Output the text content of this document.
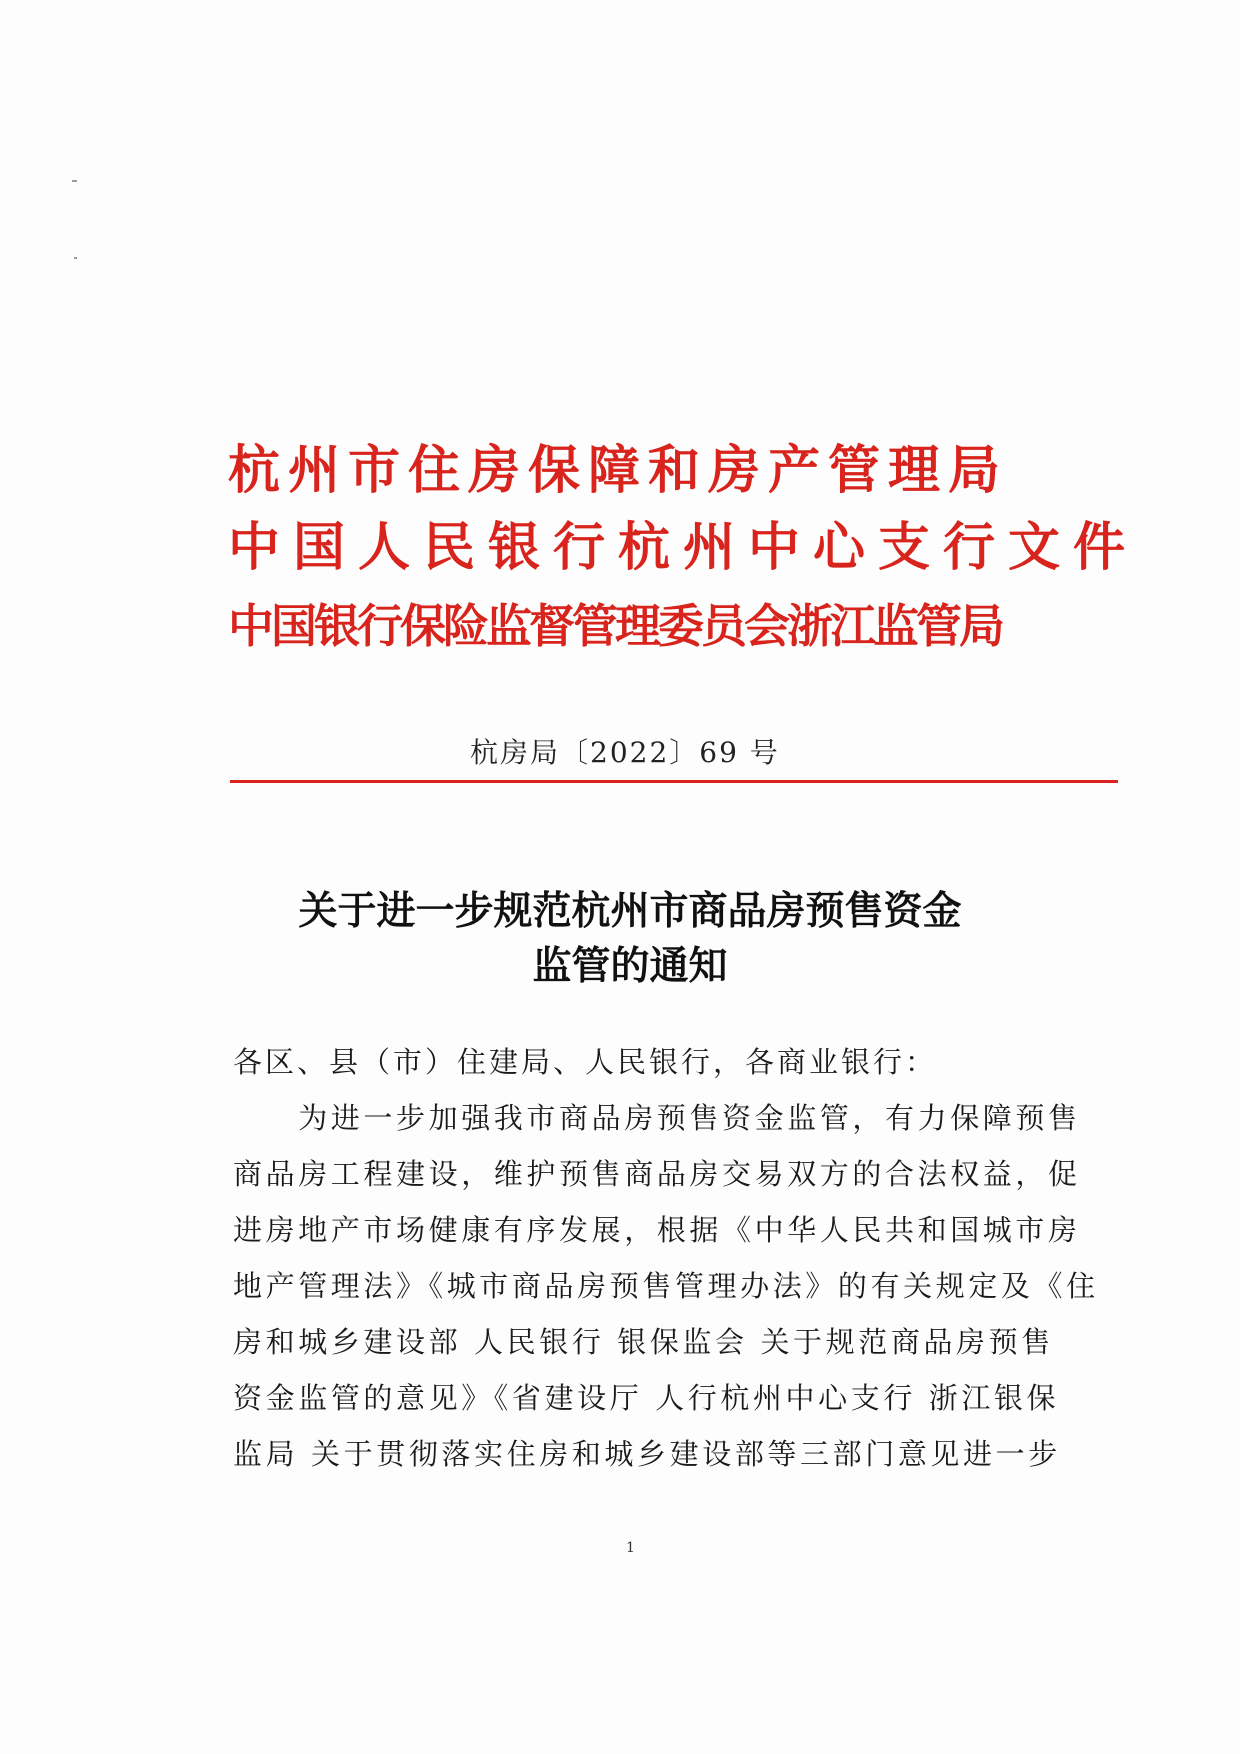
杭州市住房保障和房产管理局
中国人民银行杭州中心支行文件
中国银行保险监督管理委员会浙江监管局
杭房局〔2022〕69 号
关于进一步规范杭州市商品房预售资金
监管的通知
各区、县（市）住建局、人民银行，各商业银行：
　　为进一步加强我市商品房预售资金监管，有力保障预售
商品房工程建设，维护预售商品房交易双方的合法权益，促
进房地产市场健康有序发展，根据《中华人民共和国城市房
地产管理法》《城市商品房预售管理办法》的有关规定及《住
房和城乡建设部 人民银行 银保监会 关于规范商品房预售
资金监管的意见》《省建设厅 人行杭州中心支行 浙江银保
监局 关于贯彻落实住房和城乡建设部等三部门意见进一步
1
